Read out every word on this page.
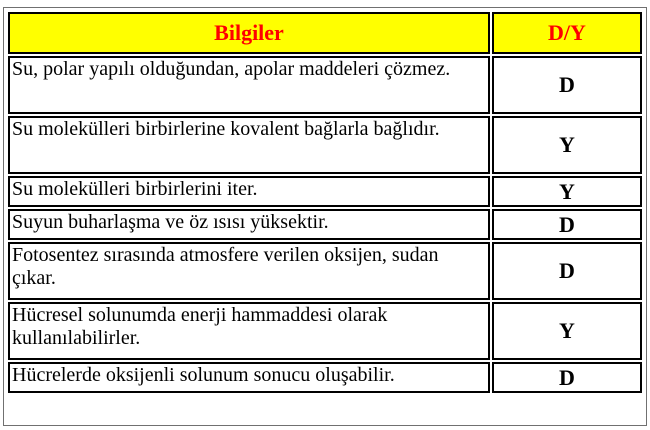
Bilgiler	D/Y
Su, polar yapılı olduğundan, apolar maddeleri çözmez.	D
Su molekülleri birbirlerine kovalent bağlarla bağlıdır.	Y
Su molekülleri birbirlerini iter.	Y
Suyun buharlaşma ve öz ısısı yüksektir.	D
Fotosentez sırasında atmosfere verilen oksijen, sudan çıkar.	D
Hücresel solunumda enerji hammaddesi olarak kullanılabilirler.	Y
Hücrelerde oksijenli solunum sonucu oluşabilir.	D
